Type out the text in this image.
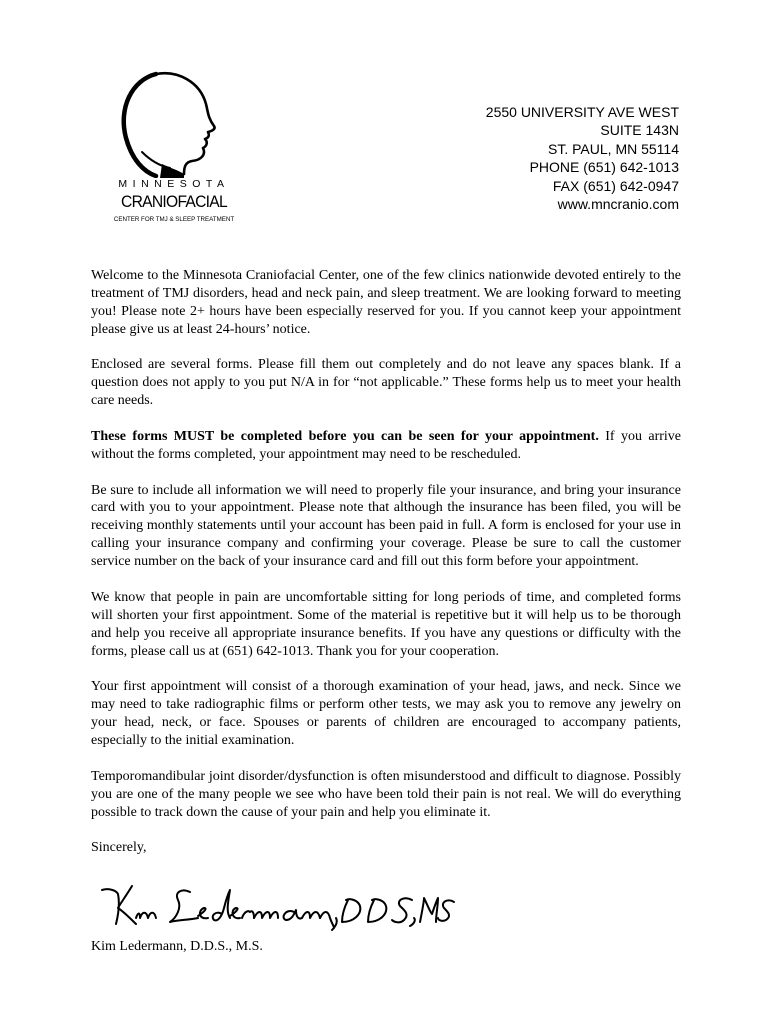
MINNESOTA
CRANIOFACIAL
CENTER FOR TMJ & SLEEP TREATMENT
2550 UNIVERSITY AVE WEST
SUITE 143N
ST. PAUL, MN 55114
PHONE (651) 642-1013
FAX (651) 642-0947
www.mncranio.com

Welcome to the Minnesota Craniofacial Center, one of the few clinics nationwide devoted entirely to the treatment of TMJ disorders, head and neck pain, and sleep treatment. We are looking forward to meeting you! Please note 2+ hours have been especially reserved for you. If you cannot keep your appointment please give us at least 24-hours’ notice.

Enclosed are several forms. Please fill them out completely and do not leave any spaces blank. If a question does not apply to you put N/A in for “not applicable.” These forms help us to meet your health care needs.

These forms MUST be completed before you can be seen for your appointment. If you arrive without the forms completed, your appointment may need to be rescheduled.

Be sure to include all information we will need to properly file your insurance, and bring your insurance card with you to your appointment. Please note that although the insurance has been filed, you will be receiving monthly statements until your account has been paid in full. A form is enclosed for your use in calling your insurance company and confirming your coverage. Please be sure to call the customer service number on the back of your insurance card and fill out this form before your appointment.

We know that people in pain are uncomfortable sitting for long periods of time, and completed forms will shorten your first appointment. Some of the material is repetitive but it will help us to be thorough and help you receive all appropriate insurance benefits. If you have any questions or difficulty with the forms, please call us at (651) 642-1013. Thank you for your cooperation.

Your first appointment will consist of a thorough examination of your head, jaws, and neck. Since we may need to take radiographic films or perform other tests, we may ask you to remove any jewelry on your head, neck, or face. Spouses or parents of children are encouraged to accompany patients, especially to the initial examination.

Temporomandibular joint disorder/dysfunction is often misunderstood and difficult to diagnose. Possibly you are one of the many people we see who have been told their pain is not real. We will do everything possible to track down the cause of your pain and help you eliminate it.

Sincerely,

Kim Ledermann, D.D.S., M.S.
